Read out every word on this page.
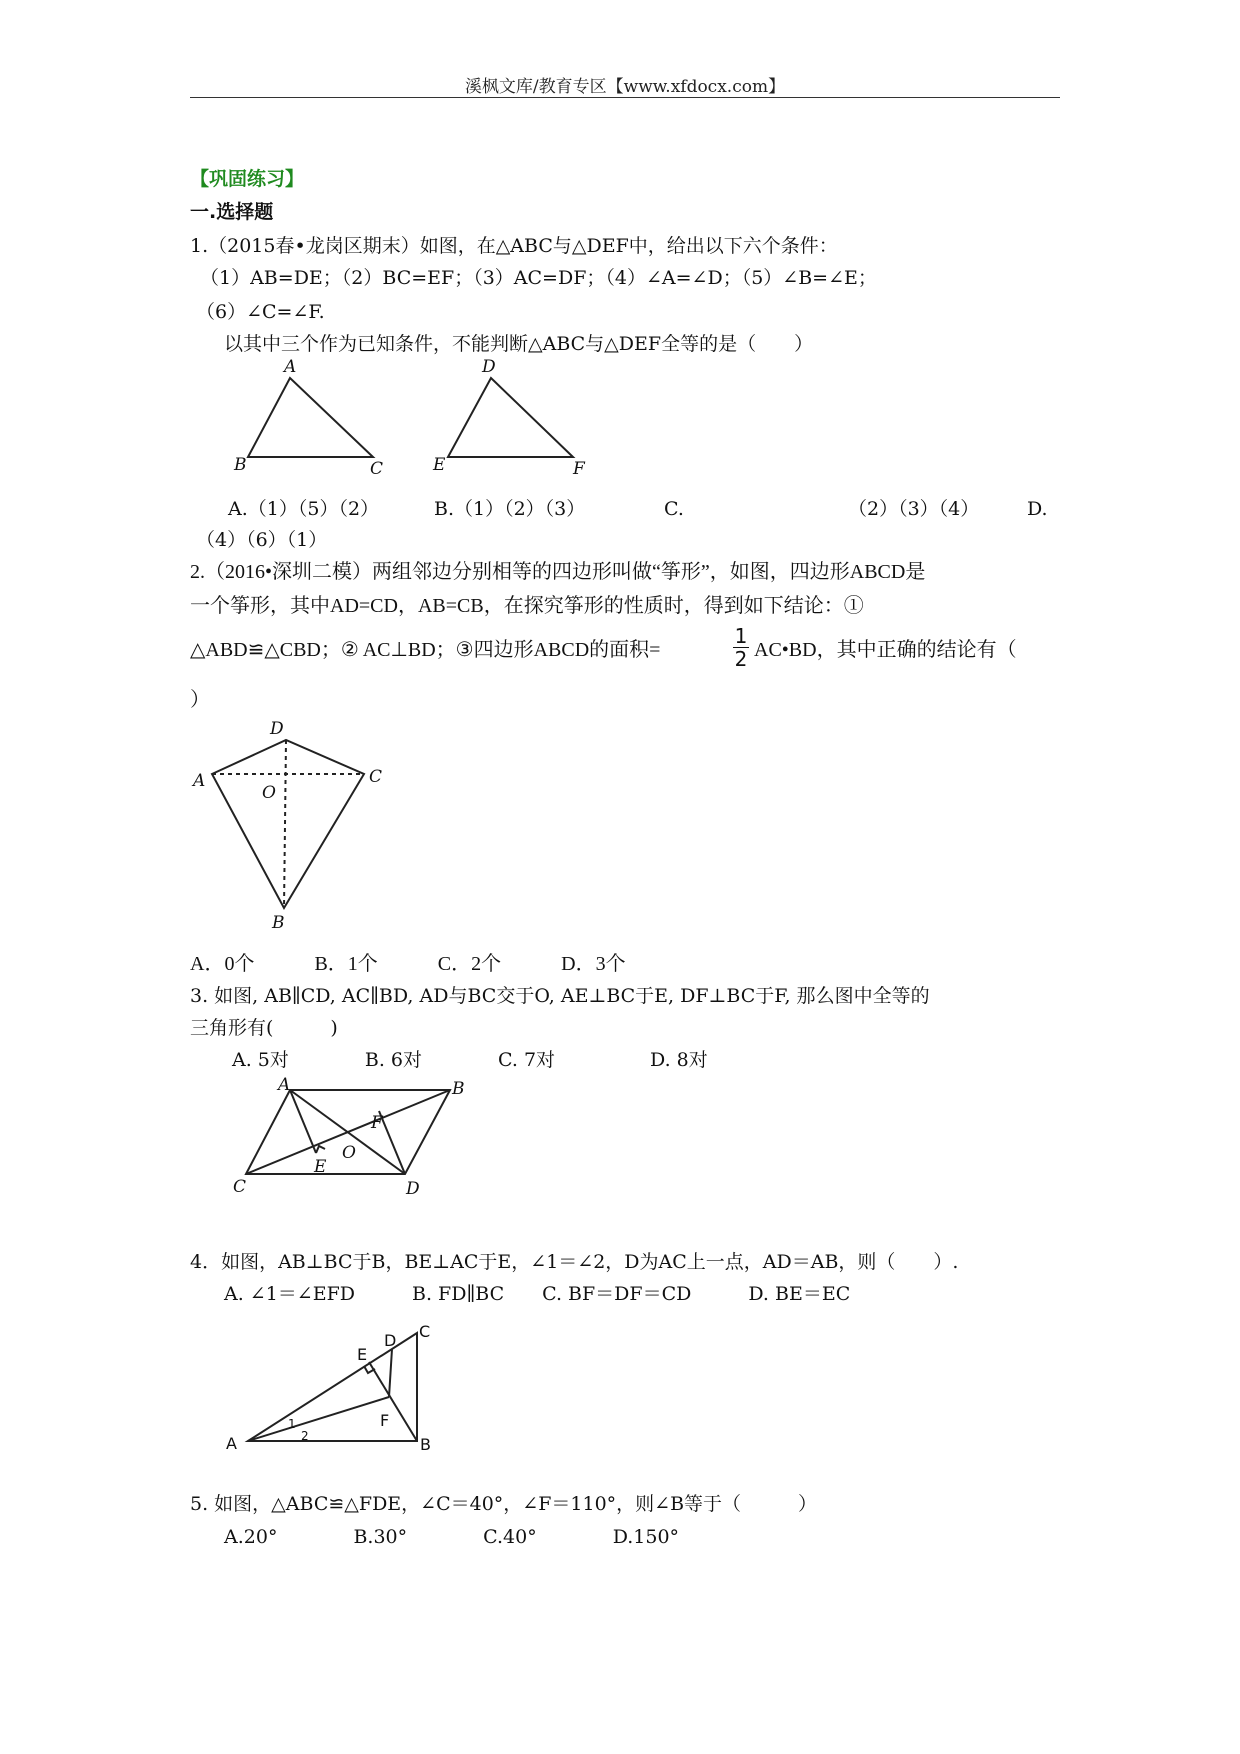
溪枫文库/教育专区【www.xfdocx.com】
【巩固练习】
一.选择题
1.（2015春•龙岗区期末）如图，在△ABC与△DEF中，给出以下六个条件：
（1）AB=DE；（2）BC=EF；（3）AC=DF；（4）∠A=∠D；（5）∠B=∠E；
（6）∠C=∠F.
以其中三个作为已知条件，不能判断△ABC与△DEF全等的是（　　）
A
B	C
D
E	F
A.（1）（5）（2）	B.（1）（2）（3）	C.	（2）（3）（4）	D.
（4）（6）（1）
2.（2016•深圳二模）两组邻边分别相等的四边形叫做“筝形”，如图，四边形ABCD是
一个筝形，其中AD=CD，AB=CB，在探究筝形的性质时，得到如下结论：①
△ABD≌△CBD；② AC⊥BD；③四边形ABCD的面积=	$\frac{1}{2}$ AC•BD，其中正确的结论有（
）
D
A	C
O
B
A．0个　　　B．1个　　　C．2个　　　D．3个
3. 如图, AB∥CD, AC∥BD, AD与BC交于O, AE⊥BC于E, DF⊥BC于F, 那么图中全等的
三角形有(　　　)
A. 5对　　　　B. 6对　　　　C. 7对　　　　　D. 8对
A	B
C	D
F
O
E
4．如图，AB⊥BC于B，BE⊥AC于E，∠1＝∠2，D为AC上一点，AD＝AB，则（　　）.
A. ∠1＝∠EFD　　　B. FD∥BC　　C. BF＝DF＝CD　　　D. BE＝EC
A	B
C
D
E
F
1
2
5. 如图，△ABC≌△FDE，∠C＝40°，∠F＝110°，则∠B等于（　　　）
A.20°　　　　B.30°　　　　C.40°　　　　D.150°
